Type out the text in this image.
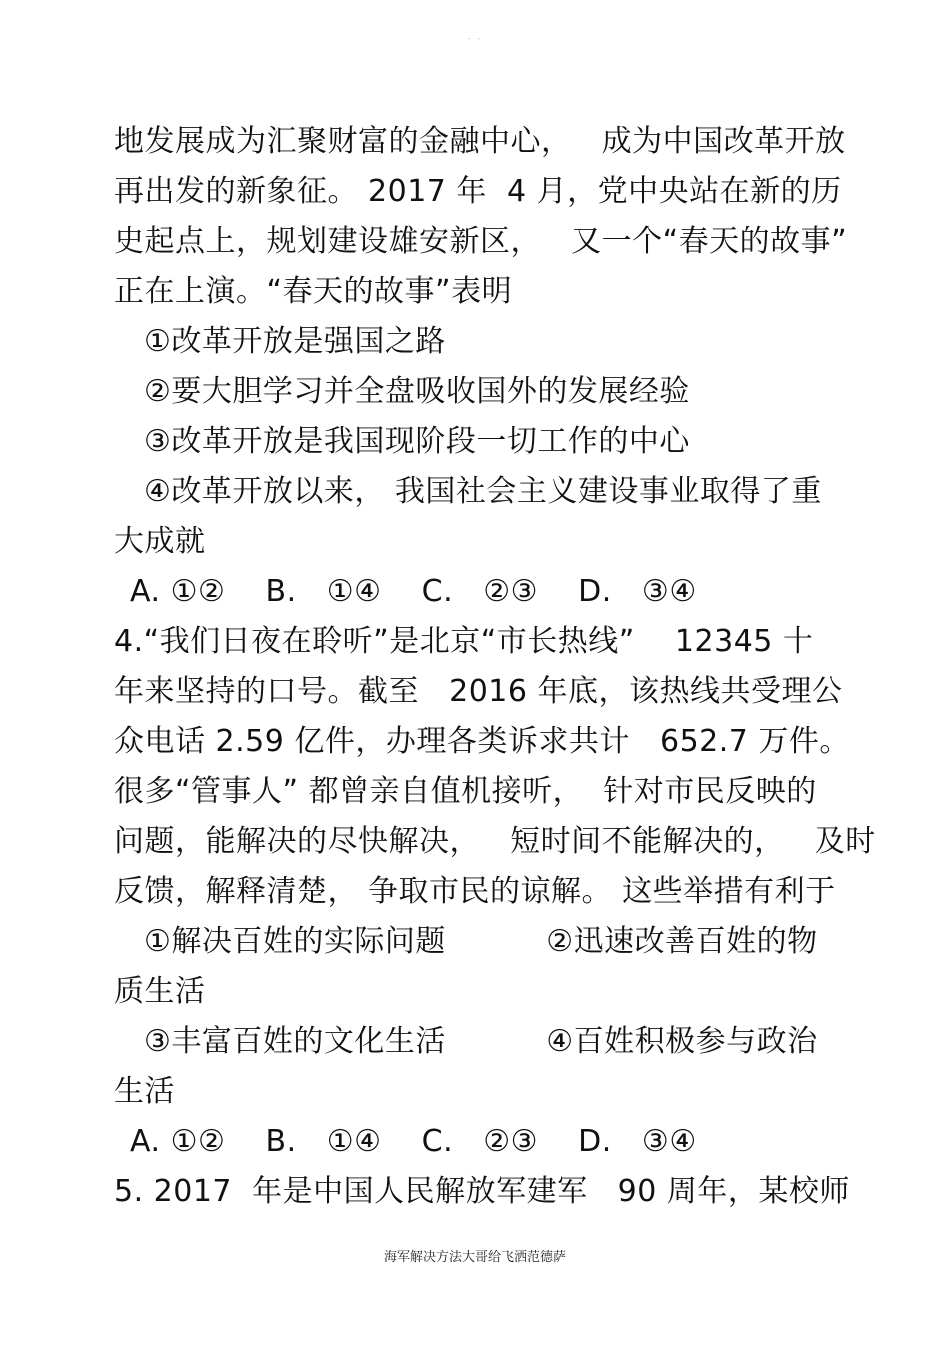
- -
地发展成为汇聚财富的金融中心，   成为中国改革开放
再出发的新象征。 2017 年  4 月，党中央站在新的历
史起点上，规划建设雄安新区，   又一个“春天的故事”
正在上演。“春天的故事”表明
①改革开放是强国之路
②要大胆学习并全盘吸收国外的发展经验
③改革开放是我国现阶段一切工作的中心
④改革开放以来， 我国社会主义建设事业取得了重
大成就
A. ①②    B.   ①④    C.   ②③    D.   ③④
4.“我们日夜在聆听”是北京“市长热线”    12345 十
年来坚持的口号。截至   2016 年底，该热线共受理公
众电话 2.59 亿件，办理各类诉求共计   652.7 万件。
很多“管事人” 都曾亲自值机接听，  针对市民反映的
问题，能解决的尽快解决，   短时间不能解决的，   及时
反馈，解释清楚， 争取市民的谅解。 这些举措有利于
①解决百姓的实际问题          ②迅速改善百姓的物
质生活
③丰富百姓的文化生活          ④百姓积极参与政治
生活
A. ①②    B.   ①④    C.   ②③    D.   ③④
5. 2017  年是中国人民解放军建军   90 周年，某校师
海军解决方法大哥给飞洒范德萨
